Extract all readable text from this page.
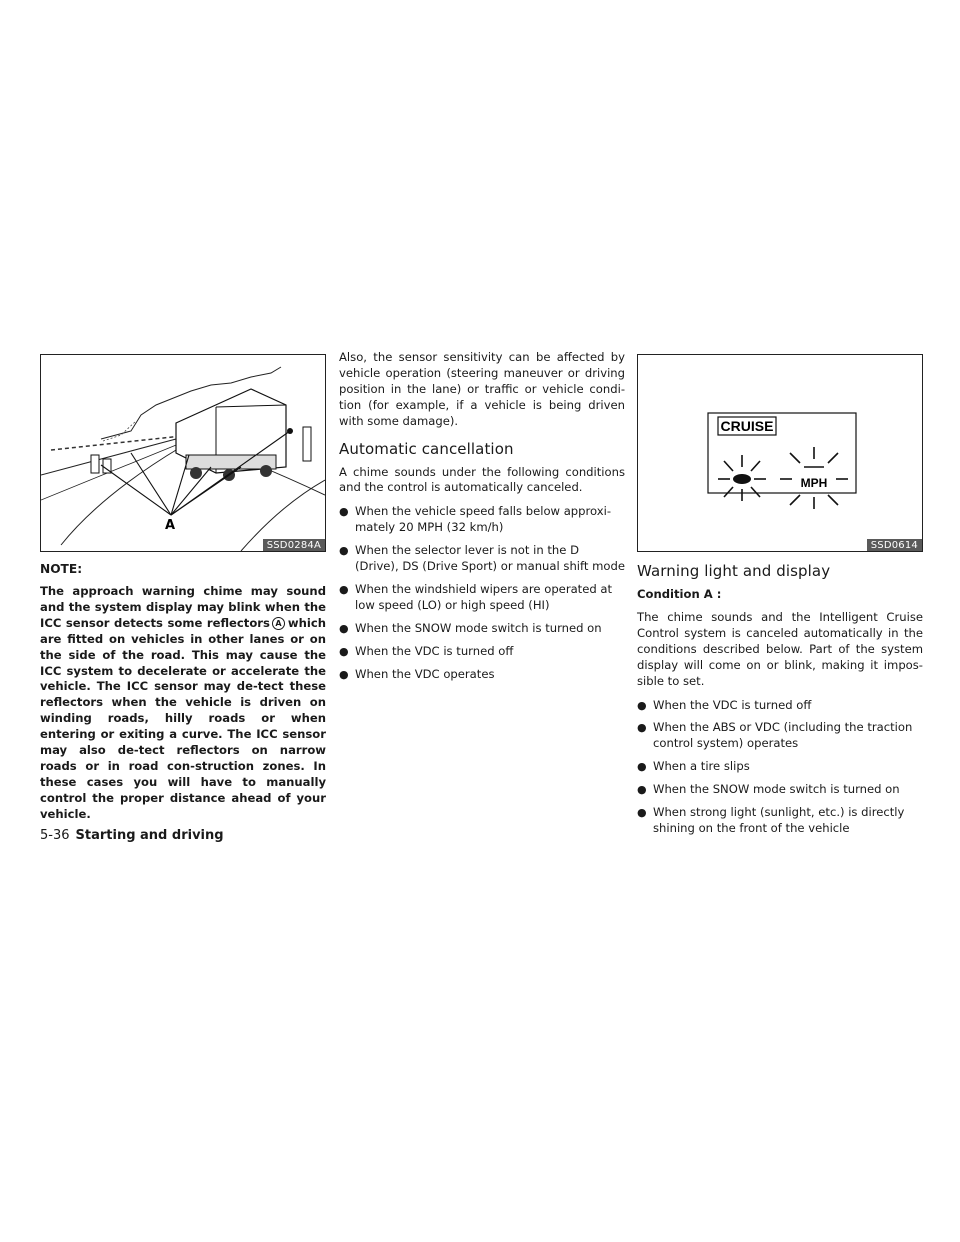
A
SSD0284A
NOTE:

The approach warning chime may sound and the system display may blink when the ICC sensor detects some reflectors A which are fitted on vehicles in other lanes or on the side of the road. This may cause the ICC system to decelerate or accelerate the vehicle. The ICC sensor may de-tect these reflectors when the vehicle is driven on winding roads, hilly roads or when entering or exiting a curve. The ICC sensor may also de-tect reflectors on narrow roads or in road con-struction zones. In these cases you will have to manually control the proper distance ahead of your vehicle.

Also, the sensor sensitivity can be affected by vehicle operation (steering maneuver or driving position in the lane) or traffic or vehicle condi-tion (for example, if a vehicle is being driven with some damage).

Automatic cancellation

A chime sounds under the following conditions and the control is automatically canceled.

● When the vehicle speed falls below approxi-mately 20 MPH (32 km/h)
● When the selector lever is not in the D (Drive), DS (Drive Sport) or manual shift mode
● When the windshield wipers are operated at low speed (LO) or high speed (HI)
● When the SNOW mode switch is turned on
● When the VDC is turned off
● When the VDC operates
CRUISE
MPH
SSD0614
Warning light and display
Condition A :

The chime sounds and the Intelligent Cruise Control system is canceled automatically in the conditions described below. Part of the system display will come on or blink, making it impos-sible to set.

● When the VDC is turned off
● When the ABS or VDC (including the traction control system) operates
● When a tire slips
● When the SNOW mode switch is turned on
● When strong light (sunlight, etc.) is directly shining on the front of the vehicle
5-36 Starting and driving
